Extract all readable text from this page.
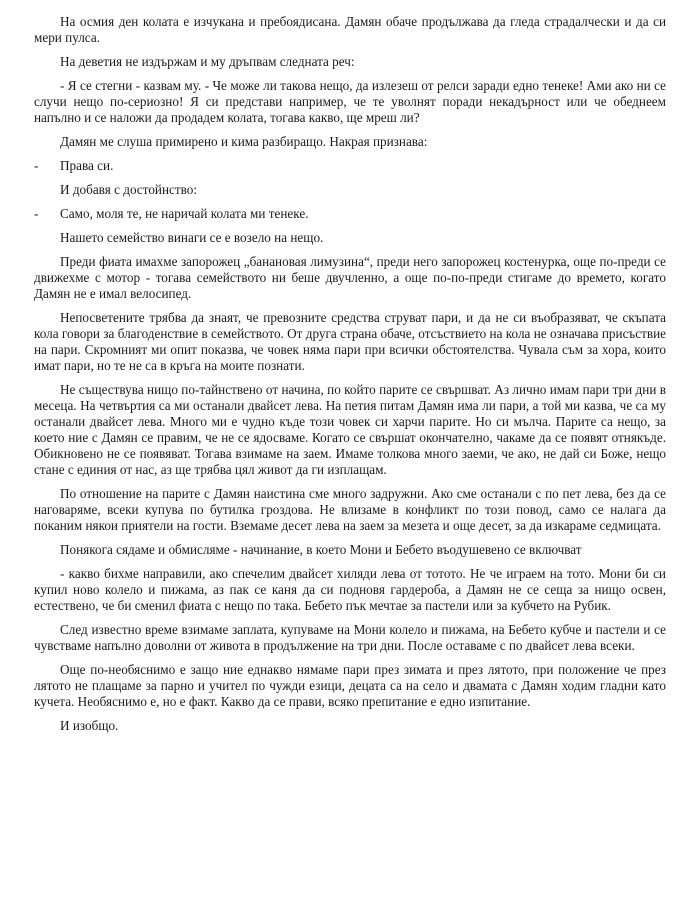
На осмия ден колата е изчукана и пребоядисана. Дамян обаче продължава да гледа страдалчески и да си мери пулса.

На деветия не издържам и му дръпвам следната реч:

- Я се стегни - казвам му. - Че може ли такова нещо, да излезеш от релси заради едно тенеке! Ами ако ни се случи нещо по-сериозно! Я си представи например, че те уволнят поради некадърност или че обеднеем напълно и се наложи да продадем колата, тогава какво, ще мреш ли?

Дамян ме слуша примирено и кима разбиращо. Накрая признава:

-	Права си.

И добавя с достойнство:

-	Само, моля те, не наричай колата ми тенеке.

Нашето семейство винаги се е возело на нещо.

Преди фиата имахме запорожец „банановая лимузина“, преди него запорожец костенурка, още по-преди се движехме с мотор - тогава семейството ни беше двучленно, а още по-по-преди стигаме до времето, когато Дамян не е имал велосипед.

Непосветените трябва да знаят, че превозните средства струват пари, и да не си въобразяват, че скъпата кола говори за благоденствие в семейството. От друга страна обаче, отсъствието на кола не означава присъствие на пари. Скромният ми опит показва, че човек няма пари при всички обстоятелства. Чувала съм за хора, които имат пари, но те не са в кръга на моите познати.

Не съществува нищо по-тайнствено от начина, по който парите се свършват. Аз лично имам пари три дни в месеца. На четвъртия са ми останали двайсет лева. На петия питам Дамян има ли пари, а той ми казва, че са му останали двайсет лева. Много ми е чудно къде този човек си харчи парите. Но си мълча. Парите са нещо, за което ние с Дамян се правим, че не се ядосваме. Когато се свършат окончателно, чакаме да се появят отнякъде. Обикновено не се появяват. Тогава взимаме на заем. Имаме толкова много заеми, че ако, не дай си Боже, нещо стане с единия от нас, аз ще трябва цял живот да ги изплащам.

По отношение на парите с Дамян наистина сме много задружни. Ако сме останали с по пет лева, без да се наговаряме, всеки купува по бутилка гроздова. Не влизаме в конфликт по този повод, само се налага да поканим някои приятели на гости. Вземаме десет лева на заем за мезета и още десет, за да изкараме седмицата.

Понякога сядаме и обмисляме - начинание, в което Мони и Бебето въодушевено се включват

- какво бихме направили, ако спечелим двайсет хиляди лева от тотото. Не че играем на тото. Мони би си купил ново колело и пижама, аз пак се каня да си подновя гардероба, а Дамян не се сеща за нищо освен, естествено, че би сменил фиата с нещо по така. Бебето пък мечтае за пастели или за кубчето на Рубик.

След известно време взимаме заплата, купуваме на Мони колело и пижама, на Бебето кубче и пастели и се чувстваме напълно доволни от живота в продължение на три дни. После оставаме с по двайсет лева всеки.

Още по-необяснимо е защо ние еднакво нямаме пари през зимата и през лятото, при положение че през лятото не плащаме за парно и учител по чужди езици, децата са на село и двамата с Дамян ходим гладни като кучета. Необяснимо е, но е факт. Какво да се прави, всяко препитание е едно изпитание.

И изобщо.
